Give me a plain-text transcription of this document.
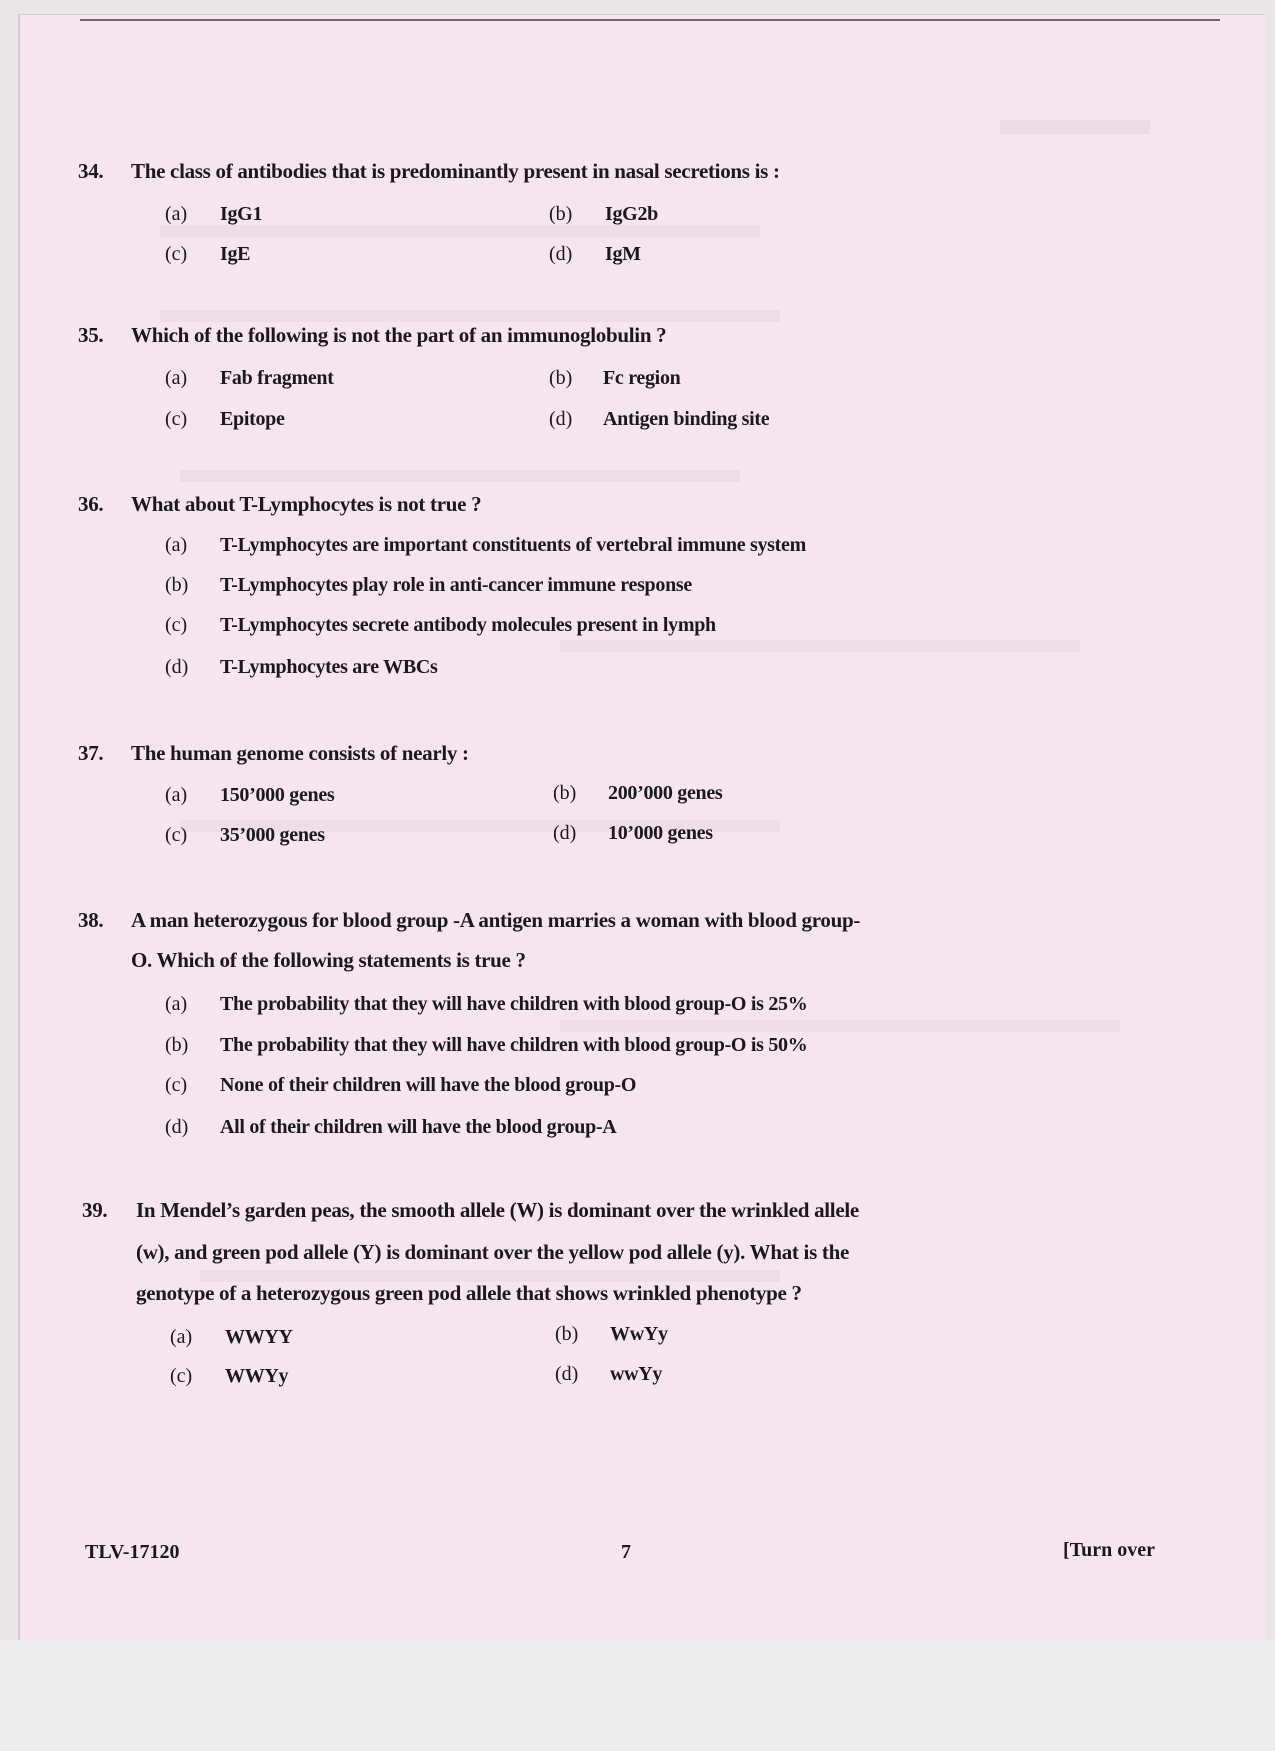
34. The class of antibodies that is predominantly present in nasal secretions is :
(a) IgG1	(b) IgG2b
(c) IgE	(d) IgM
35. Which of the following is not the part of an immunoglobulin ?
(a) Fab fragment	(b) Fc region
(c) Epitope	(d) Antigen binding site
36. What about T-Lymphocytes is not true ?
(a) T-Lymphocytes are important constituents of vertebral immune system
(b) T-Lymphocytes play role in anti-cancer immune response
(c) T-Lymphocytes secrete antibody molecules present in lymph
(d) T-Lymphocytes are WBCs
37. The human genome consists of nearly :
(a) 150’000 genes	(b) 200’000 genes
(c) 35’000 genes	(d) 10’000 genes
38. A man heterozygous for blood group -A antigen marries a woman with blood group-
O. Which of the following statements is true ?
(a) The probability that they will have children with blood group-O is 25%
(b) The probability that they will have children with blood group-O is 50%
(c) None of their children will have the blood group-O
(d) All of their children will have the blood group-A
39. In Mendel’s garden peas, the smooth allele (W) is dominant over the wrinkled allele
(w), and green pod allele (Y) is dominant over the yellow pod allele (y). What is the
genotype of a heterozygous green pod allele that shows wrinkled phenotype ?
(a) WWYY	(b) WwYy
(c) WWYy	(d) wwYy
TLV-17120	7	[Turn over
